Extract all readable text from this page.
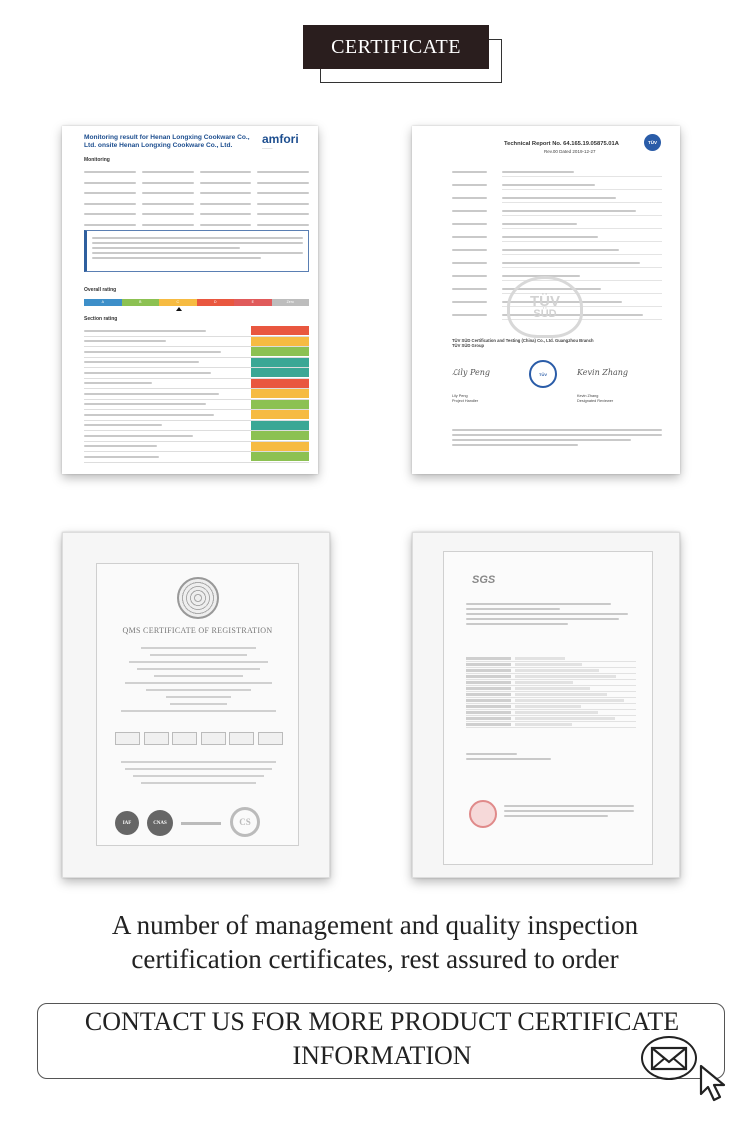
CERTIFICATE
Monitoring result for Henan Longxing Cookware Co., Ltd. onsite Henan Longxing Cookware Co., Ltd.	amfori
⎯⎯⎯⎯⎯⎯
Monitoring
Overall rating
A	B	C	D	E	Zero
Section rating
Technical Report No. 64.165.19.05875.01A
Rev.00 Dated 2019-12-27
TÜV
TÜV
SÜD
TÜV SÜD Certification and Testing (China) Co., Ltd. Guangzhou Branch
TÜV SÜD Group
ℒily Peng	TÜV	Kevin Zhang
Lily Peng
Project Handler
Kevin Zhang
Designated Reviewer
QMS CERTIFICATE OF REGISTRATION
IAF	CNAS	CS
SGS
A number of management and quality inspection
certification certificates, rest assured to order
CONTACT US FOR MORE PRODUCT CERTIFICATE
INFORMATION
